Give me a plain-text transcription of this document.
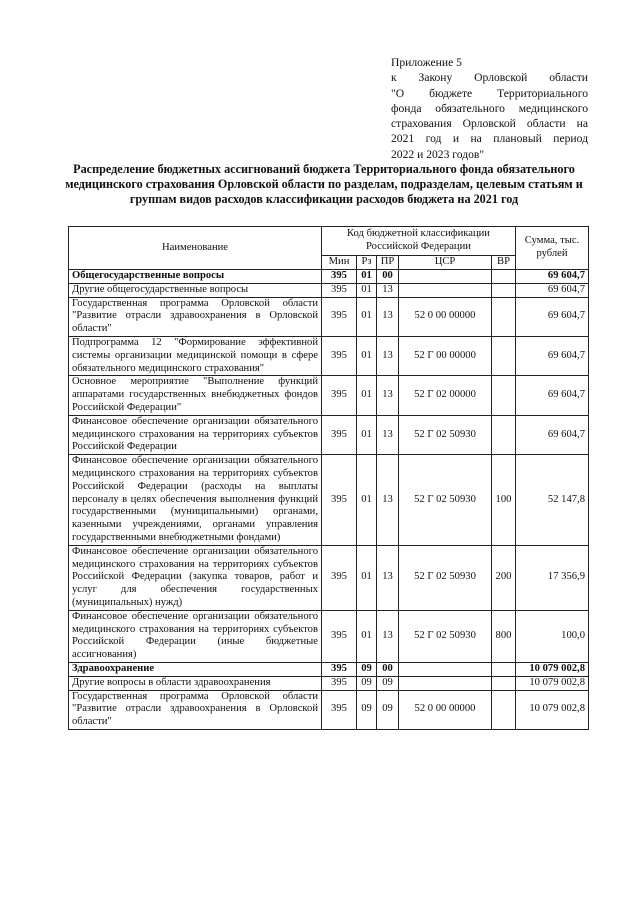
Приложение 5
к Закону Орловской области
"О бюджете Территориального
фонда обязательного медицинского
страхования Орловской области на
2021 год и на плановый период
2022 и 2023 годов"
Распределение бюджетных ассигнований бюджета Территориального фонда обязательного медицинского страхования Орловской области по разделам, подразделам, целевым статьям и группам видов расходов классификации расходов бюджета на 2021 год
Наименование	Код бюджетной классификации Российской Федерации					Сумма, тыс. рублей
	Мин	Рз	ПР	ЦСР	ВР	
Общегосударственные вопросы	395	01	00			69 604,7
Другие общегосударственные вопросы	395	01	13			69 604,7
Государственная программа Орловской области "Развитие отрасли здравоохранения в Орловской области"	395	01	13	52 0 00 00000		69 604,7
Подпрограмма 12 "Формирование эффективной системы организации медицинской помощи в сфере обязательного медицинского страхования"	395	01	13	52 Г 00 00000		69 604,7
Основное мероприятие "Выполнение функций аппаратами государственных внебюджетных фондов Российской Федерации"	395	01	13	52 Г 02 00000		69 604,7
Финансовое обеспечение организации обязательного медицинского страхования на территориях субъектов Российской Федерации	395	01	13	52 Г 02 50930		69 604,7
Финансовое обеспечение организации обязательного медицинского страхования на территориях субъектов Российской Федерации (расходы на выплаты персоналу в целях обеспечения выполнения функций государственными (муниципальными) органами, казенными учреждениями, органами управления государственными внебюджетными фондами)	395	01	13	52 Г 02 50930	100	52 147,8
Финансовое обеспечение организации обязательного медицинского страхования на территориях субъектов Российской Федерации (закупка товаров, работ и услуг для обеспечения государственных (муниципальных) нужд)	395	01	13	52 Г 02 50930	200	17 356,9
Финансовое обеспечение организации обязательного медицинского страхования на территориях субъектов Российской Федерации (иные бюджетные ассигнования)	395	01	13	52 Г 02 50930	800	100,0
Здравоохранение	395	09	00			10 079 002,8
Другие вопросы в области здравоохранения	395	09	09			10 079 002,8
Государственная программа Орловской области "Развитие отрасли здравоохранения в Орловской области"	395	09	09	52 0 00 00000		10 079 002,8
